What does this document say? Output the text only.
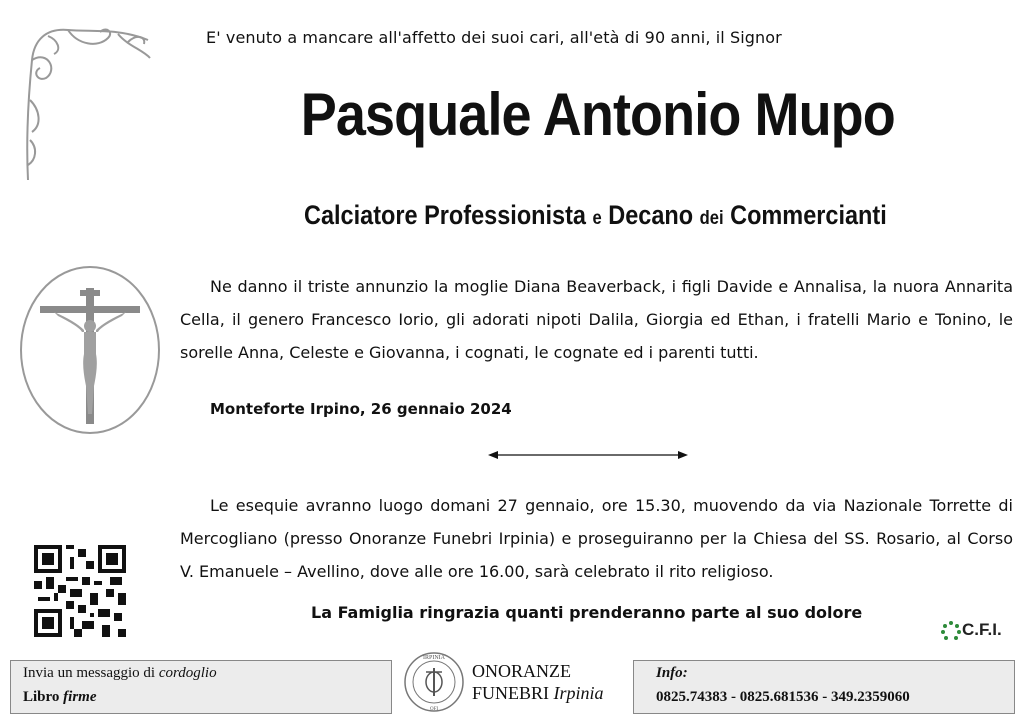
E' venuto a mancare all'affetto dei suoi cari, all'età di 90 anni, il Signor
Pasquale Antonio Mupo
Calciatore Professionista e Decano dei Commercianti
Ne danno il triste annunzio la moglie Diana Beaverback, i figli Davide e Annalisa, la nuora Annarita Cella, il genero Francesco Iorio, gli adorati nipoti Dalila, Giorgia ed Ethan, i fratelli Mario e Tonino, le sorelle Anna, Celeste e Giovanna, i cognati, le cognate ed i parenti tutti.
Monteforte Irpino, 26 gennaio 2024
Le esequie avranno luogo domani 27 gennaio, ore 15.30, muovendo da via Nazionale Torrette di Mercogliano (presso Onoranze Funebri Irpinia) e proseguiranno per la Chiesa del SS. Rosario, al Corso V. Emanuele – Avellino, dove alle ore 16.00, sarà celebrato il rito religioso.
La Famiglia ringrazia quanti prenderanno parte al suo dolore
C.F.I.
Invia un messaggio di cordoglio
Libro firme
IRPINIA
OFI
ONORANZE
FUNEBRI Irpinia
Info:
0825.74383 - 0825.681536 - 349.2359060
